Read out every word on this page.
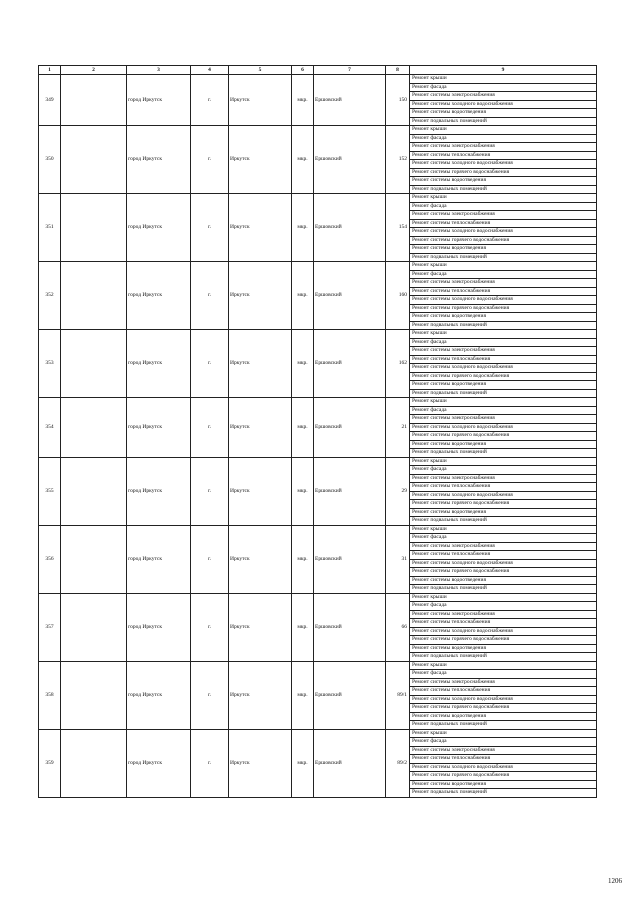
1	2	3	4	5	6	7	8	9
349		город Иркутск	г.	Иркутск	мкр.	Ершовский	150	Ремонт крыши
								Ремонт фасада
								Ремонт системы электроснабжения
								Ремонт системы холодного водоснабжения
								Ремонт системы водоотведения
								Ремонт подвальных помещений
350		город Иркутск	г.	Иркутск	мкр.	Ершовский	152	Ремонт крыши
								Ремонт фасада
								Ремонт системы электроснабжения
								Ремонт системы теплоснабжения
								Ремонт системы холодного водоснабжения
								Ремонт системы горячего водоснабжения
								Ремонт системы водоотведения
								Ремонт подвальных помещений
351		город Иркутск	г.	Иркутск	мкр.	Ершовский	154	Ремонт крыши
								Ремонт фасада
								Ремонт системы электроснабжения
								Ремонт системы теплоснабжения
								Ремонт системы холодного водоснабжения
								Ремонт системы горячего водоснабжения
								Ремонт системы водоотведения
								Ремонт подвальных помещений
352		город Иркутск	г.	Иркутск	мкр.	Ершовский	160	Ремонт крыши
								Ремонт фасада
								Ремонт системы электроснабжения
								Ремонт системы теплоснабжения
								Ремонт системы холодного водоснабжения
								Ремонт системы горячего водоснабжения
								Ремонт системы водоотведения
								Ремонт подвальных помещений
353		город Иркутск	г.	Иркутск	мкр.	Ершовский	162	Ремонт крыши
								Ремонт фасада
								Ремонт системы электроснабжения
								Ремонт системы теплоснабжения
								Ремонт системы холодного водоснабжения
								Ремонт системы горячего водоснабжения
								Ремонт системы водоотведения
								Ремонт подвальных помещений
354		город Иркутск	г.	Иркутск	мкр.	Ершовский	21	Ремонт крыши
								Ремонт фасада
								Ремонт системы электроснабжения
								Ремонт системы холодного водоснабжения
								Ремонт системы горячего водоснабжения
								Ремонт системы водоотведения
								Ремонт подвальных помещений
355		город Иркутск	г.	Иркутск	мкр.	Ершовский	29	Ремонт крыши
								Ремонт фасада
								Ремонт системы электроснабжения
								Ремонт системы теплоснабжения
								Ремонт системы холодного водоснабжения
								Ремонт системы горячего водоснабжения
								Ремонт системы водоотведения
								Ремонт подвальных помещений
356		город Иркутск	г.	Иркутск	мкр.	Ершовский	31	Ремонт крыши
								Ремонт фасада
								Ремонт системы электроснабжения
								Ремонт системы теплоснабжения
								Ремонт системы холодного водоснабжения
								Ремонт системы горячего водоснабжения
								Ремонт системы водоотведения
								Ремонт подвальных помещений
357		город Иркутск	г.	Иркутск	мкр.	Ершовский	66	Ремонт крыши
								Ремонт фасада
								Ремонт системы электроснабжения
								Ремонт системы теплоснабжения
								Ремонт системы холодного водоснабжения
								Ремонт системы горячего водоснабжения
								Ремонт системы водоотведения
								Ремонт подвальных помещений
358		город Иркутск	г.	Иркутск	мкр.	Ершовский	89/1	Ремонт крыши
								Ремонт фасада
								Ремонт системы электроснабжения
								Ремонт системы теплоснабжения
								Ремонт системы холодного водоснабжения
								Ремонт системы горячего водоснабжения
								Ремонт системы водоотведения
								Ремонт подвальных помещений
359		город Иркутск	г.	Иркутск	мкр.	Ершовский	89/2	Ремонт крыши
								Ремонт фасада
								Ремонт системы электроснабжения
								Ремонт системы теплоснабжения
								Ремонт системы холодного водоснабжения
								Ремонт системы горячего водоснабжения
								Ремонт системы водоотведения
								Ремонт подвальных помещений
1206
